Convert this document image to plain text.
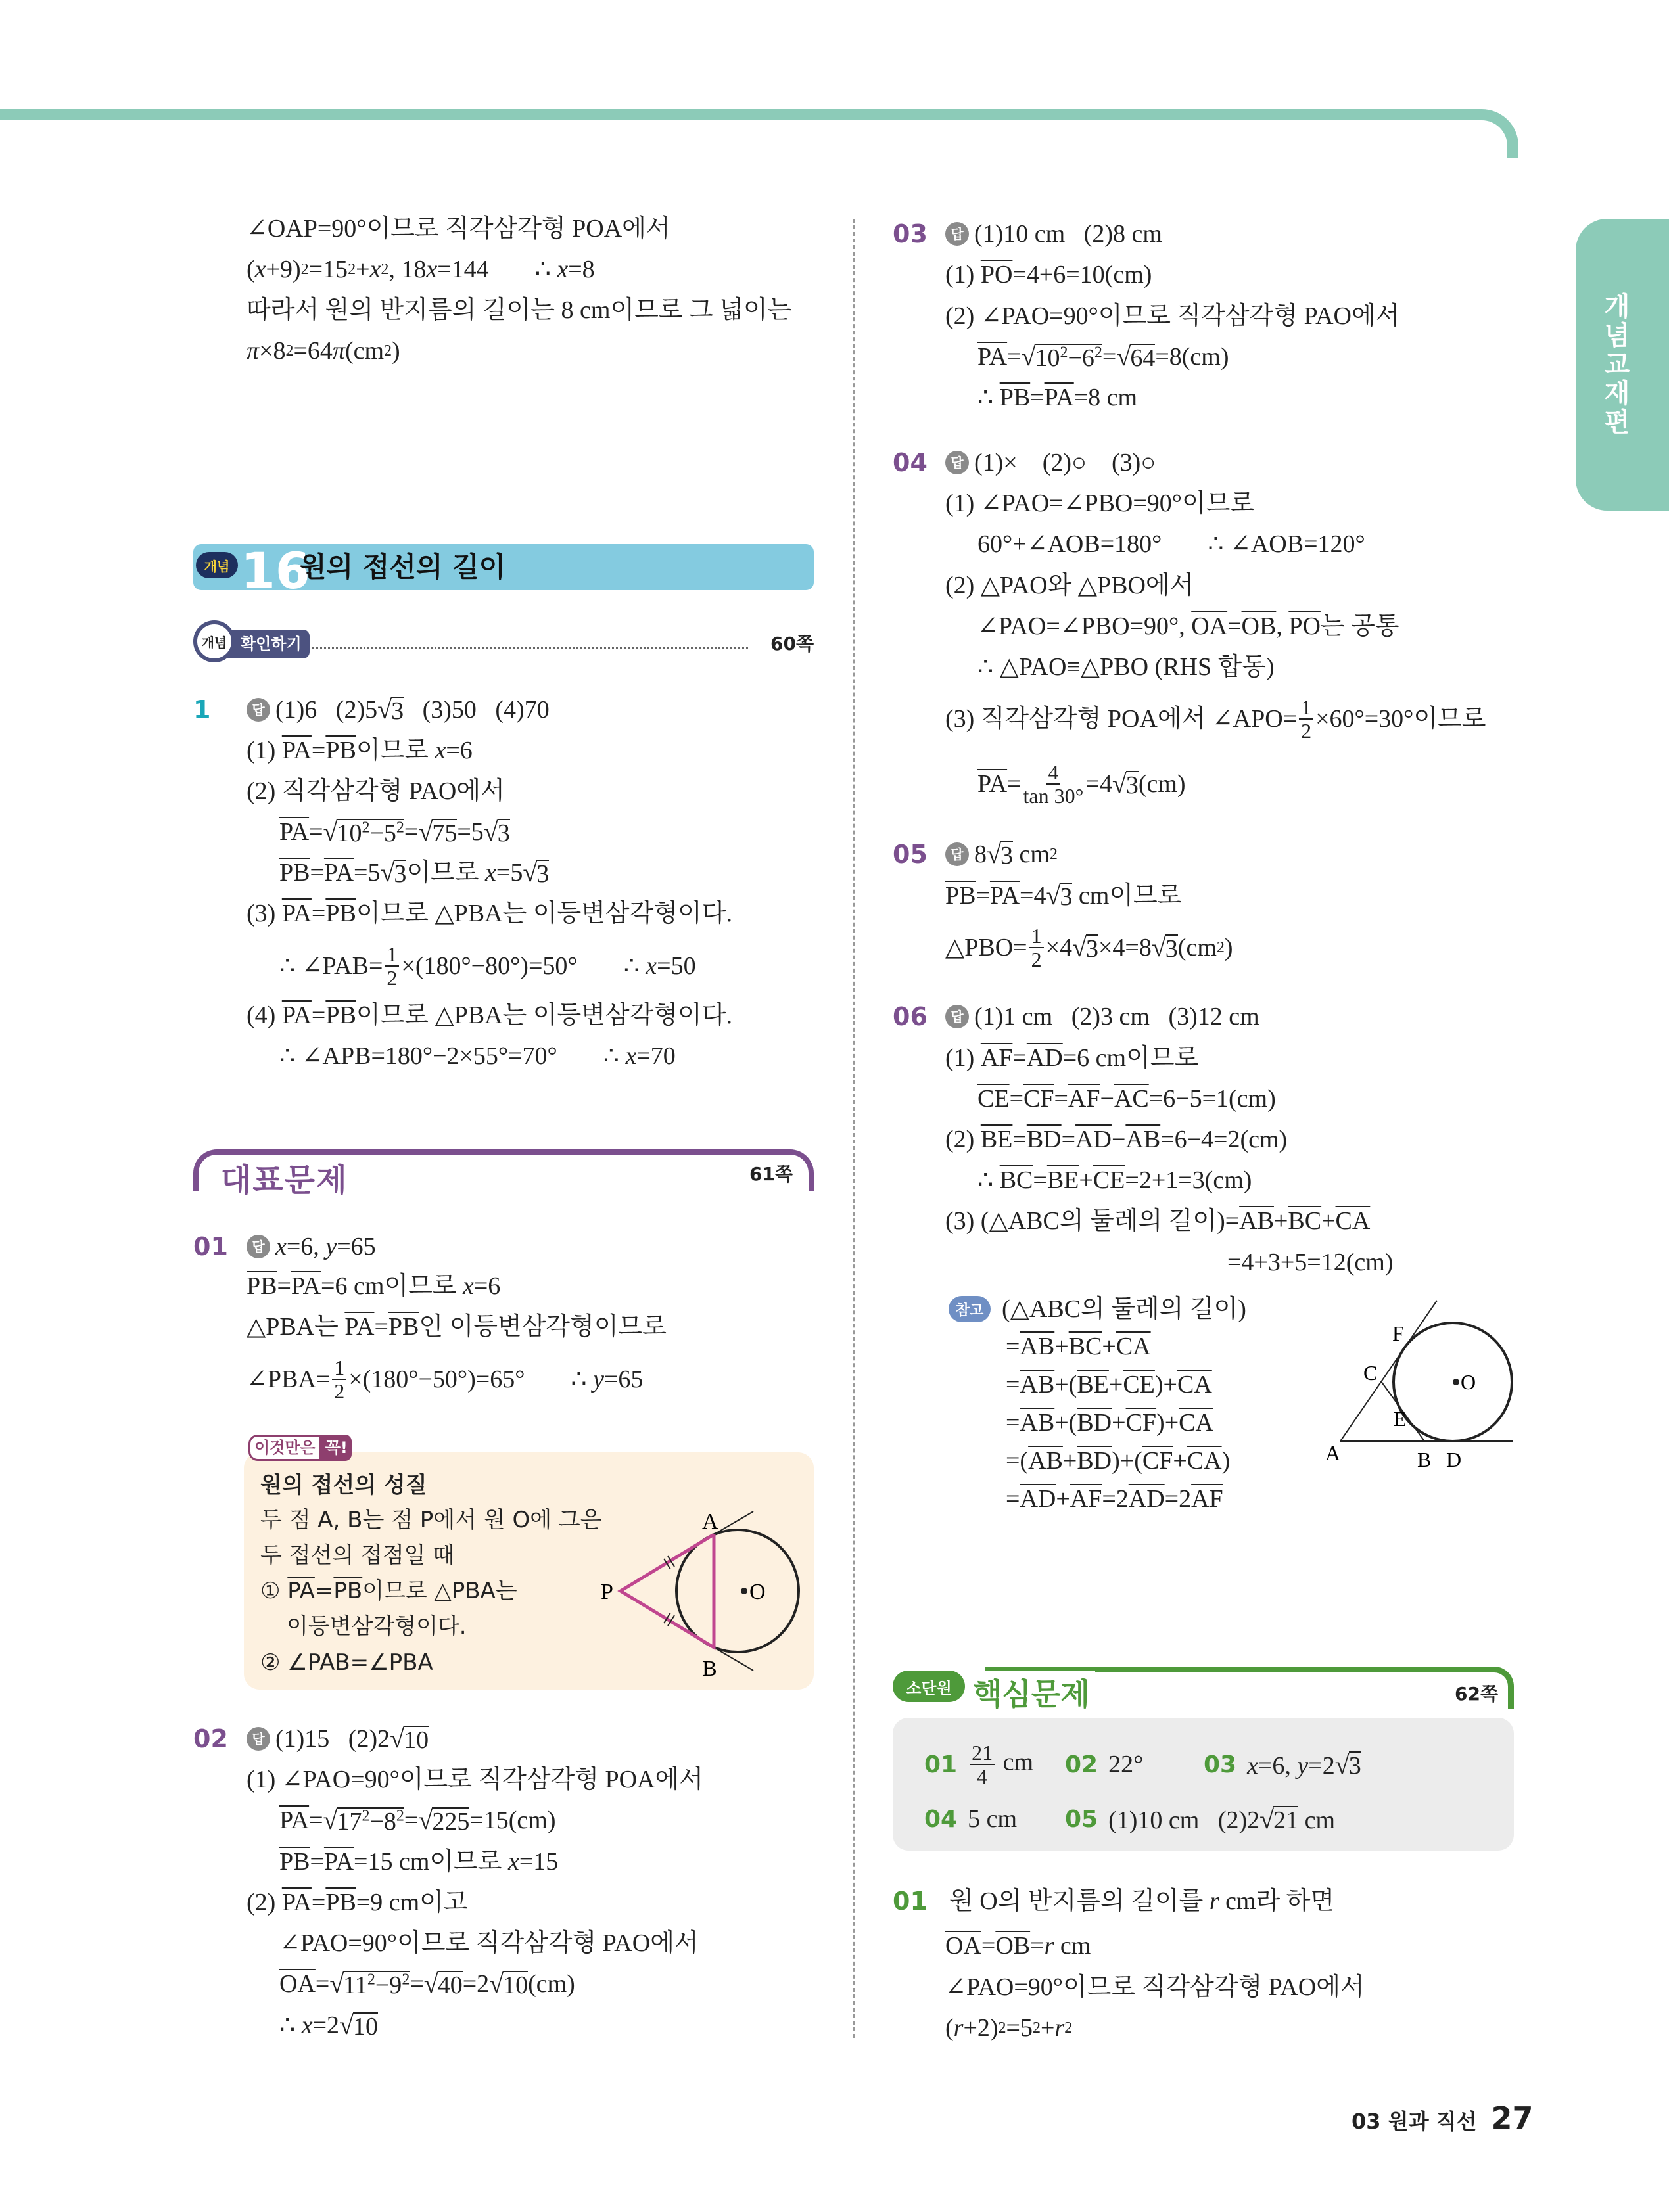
개념교재편
∠OAP=90°이므로 직각삼각형 POA에서
( x +9) 2 =15 2 + x 2 , 18 x =144 ∴ x =8
따라서 원의 반지름의 길이는 8 cm이므로 그 넓이는
π ×8 2 =64 π (cm 2 )
개념 16
원의 접선의 길이
개념 확인하기	60쪽
1	답 (1)6   (2)5 √ 3 (3)50   (4)70
(1) $\overline{PA} = \overline{PB}$ 이므로 x =6
(2) 직각삼각형 PAO에서
$\overline{PA}$ = √ $10^2-5^2$ = √ 75 =5 √ 3
$\overline{PB} = \overline{PA} =5$ √ 3 이므로 x =5 √ 3
(3) $\overline{PA} = \overline{PB}$ 이므로 △PBA는 이등변삼각형이다.
∴ ∠PAB= $\frac{1}{2} \times(180^\circ-80^\circ)=50^\circ$ ∴ x =50
(4) $\overline{PA} = \overline{PB}$ 이므로 △PBA는 이등변삼각형이다.
∴ ∠APB=180°−2×55°=70° ∴ x =70
대표문제	61쪽
01	답 x =6, y =65
$\overline{PB} = \overline{PA} =6$ cm이므로 x =6
△PBA는 $\overline{PA} = \overline{PB}$ 인 이등변삼각형이므로
∠PBA= $\frac{1}{2} \times(180^\circ-50^\circ)=65^\circ$ ∴ y =65
이것만은 꼭!
원의 접선의 성질
두 점 A, B는 점 P에서 원 O에 그은
두 접선의 접점일 때
① $\overline{PA} = \overline{PB}$ 이므로 △PBA는
이등변삼각형이다.
② ∠PAB=∠PBA
A
B
P	O
02	답 (1)15   (2)2 √ 10
(1) ∠PAO=90°이므로 직각삼각형 POA에서
$\overline{PA}$ = √ $17^2-8^2$ = √ 225 =15(cm)
$\overline{PB} = \overline{PA} =15$ cm이므로 x =15
(2) $\overline{PA} = \overline{PB} =9$ cm이고
∠PAO=90°이므로 직각삼각형 PAO에서
$\overline{OA}$ = √ $11^2-9^2$ = √ 40 =2 √ 10 (cm)
∴ x =2 √ 10
03	답 (1)10 cm   (2)8 cm
(1) $\overline{PO} =4+6=10(cm)$
(2) ∠PAO=90°이므로 직각삼각형 PAO에서
$\overline{PA}$ = √ $10^2-6^2$ = √ 64 =8(cm)
∴ $\overline{PB} = \overline{PA} =8$ cm
04	답 (1)×    (2)○    (3)○
(1) ∠PAO=∠PBO=90°이므로
60°+∠AOB=180° ∴ ∠AOB=120°
(2) △PAO와 △PBO에서
∠PAO=∠PBO=90°, $\overline{OA} = \overline{OB}$ , $\overline{PO}$ 는 공통
∴ △PAO≡△PBO (RHS 합동)
(3) 직각삼각형 POA에서 ∠APO= $\frac{1}{2} \times 60^\circ=30^\circ$이므로
$\overline{PA} = \frac{4}{\tan 30^\circ} =4$ √ 3 (cm)
05	답 8 √ 3 cm 2
$\overline{PB} = \overline{PA} =4$ √ 3 cm이므로
△PBO= $\frac{1}{2} \times 4$ √ 3 ×4=8 √ 3 (cm 2 )
06	답 (1)1 cm   (2)3 cm   (3)12 cm
(1) $\overline{AF} = \overline{AD} =6$ cm이므로
$\overline{CE} = \overline{CF} = \overline{AF} - \overline{AC} =6-5=1(cm)$
(2) $\overline{BE} = \overline{BD} = \overline{AD} - \overline{AB} =6-4=2(cm)$
∴ $\overline{BC} = \overline{BE} + \overline{CE} =2+1=3(cm)$
(3) (△ABC의 둘레의 길이)= $\overline{AB} + \overline{BC} + \overline{CA}$
=4+3+5=12(cm)
참고 (△ABC의 둘레의 길이)
= $\overline{AB} + \overline{BC} + \overline{CA}$
= $\overline{AB}$ +( $\overline{BE} + \overline{CE}$ )+ $\overline{CA}$
= $\overline{AB}$ +( $\overline{BD} + \overline{CF}$ )+ $\overline{CA}$
=( $\overline{AB} + \overline{BD}$ )+( $\overline{CF} + \overline{CA}$ )
= $\overline{AD} + \overline{AF} =2$ $\overline{AD} =2$ $\overline{AF}$
F
C
E
A	B D
O
소단원 핵심문제	62쪽
$01 \frac{21}{4}$ cm 02 22°	03 x=6, y=2 √ 3
04 5 cm 05 (1)10 cm   (2)2 √ 21 cm
01 원 O의 반지름의 길이를 r cm라 하면
$\overline{OA} = \overline{OB} = r$ cm
∠PAO=90°이므로 직각삼각형 PAO에서
( r +2) 2 =5 2 + r 2
03 원과 직선 27
